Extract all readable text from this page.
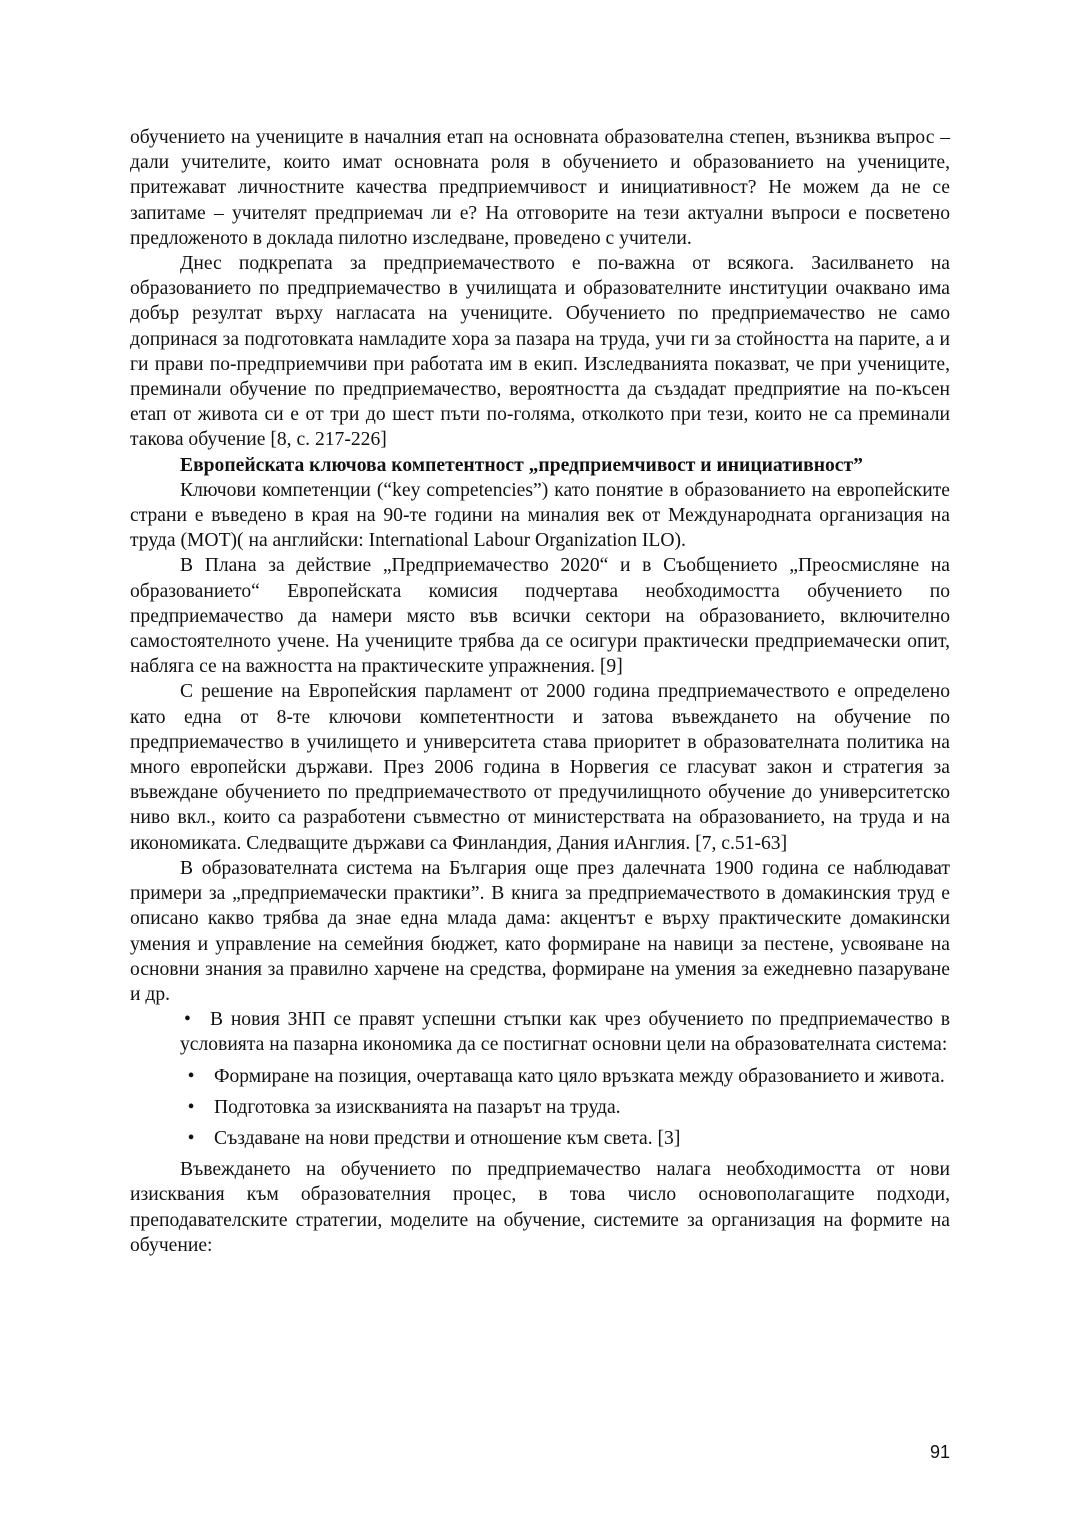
обучението на учениците в началния етап на основната образователна степен, възниква въпрос – дали учителите, които имат основната роля в обучението и образованието на учениците, притежават личностните качества предприемчивост и инициативност? Не можем да не се запитаме – учителят предприемач ли е? На отговорите на тези актуални въпроси е посветено предложеното в доклада пилотно изследване, проведено с учители.

Днес подкрепата за предприемачеството е по-важна от всякога. Засилването на образованието по предприемачество в училищата и образователните институции очаквано има добър резултат върху нагласата на учениците. Обучението по предприемачество не само допринася за подготовката намладите хора за пазара на труда, учи ги за стойността на парите, а и ги прави по-предприемчиви при работата им в екип. Изследванията показват, че при учениците, преминали обучение по предприемачество, вероятността да създадат предприятие на по-късен етап от живота си е от три до шест пъти по-голяма, отколкото при тези, които не са преминали такова обучение [8, с. 217-226]

Европейската ключова компетентност „предприемчивост и инициативност”

Ключови компетенции (“key competencies”) като понятие в образованието на европейските страни е въведено в края на 90-те години на миналия век от Международната организация на труда (МОТ)( на английски: International Labour Organization ILO).

В Плана за действие „Предприемачество 2020“ и в Съобщението „Преосмисляне на образованието“ Европейската комисия подчертава необходимостта обучението по предприемачество да намери място във всички сектори на образованието, включително самостоятелното учене. На учениците трябва да се осигури практически предприемачески опит, набляга се на важността на практическите упражнения. [9]

С решение на Европейския парламент от 2000 година предприемачеството е определено като една от 8-те ключови компетентности и затова въвеждането на обучение по предприемачество в училището и университета става приоритет в образователната политика на много европейски държави. През 2006 година в Норвегия се гласуват закон и стратегия за въвеждане обучението по предприемачеството от предучилищното обучение до университетско ниво вкл., които са разработени съвместно от министерствата на образованието, на труда и на икономиката. Следващите държави са Финландия, Дания иАнглия. [7, с.51-63]

В образователната система на България още през далечната 1900 година се наблюдават примери за „предприемачески практики”. В книга за предприемачеството в домакинския труд е описано какво трябва да знае една млада дама: акцентът е върху практическите домакински умения и управление на семейния бюджет, като формиране на навици за пестене, усвояване на основни знания за правилно харчене на средства, формиране на умения за ежедневно пазаруване и др.

• В новия ЗНП се правят успешни стъпки как чрез обучението по предприемачество в условията на пазарна икономика да се постигнат основни цели на образователната система:
• Формиране на позиция, очертаваща като цяло връзката между образованието и живота.
• Подготовка за изискванията на пазарът на труда.
• Създаване на нови предстви и отношение към света. [3]

Въвеждането на обучението по предприемачество налага необходимостта от нови изисквания към образователния процес, в това число основополагащите подходи, преподавателските стратегии, моделите на обучение, системите за организация на формите на обучение:

91
